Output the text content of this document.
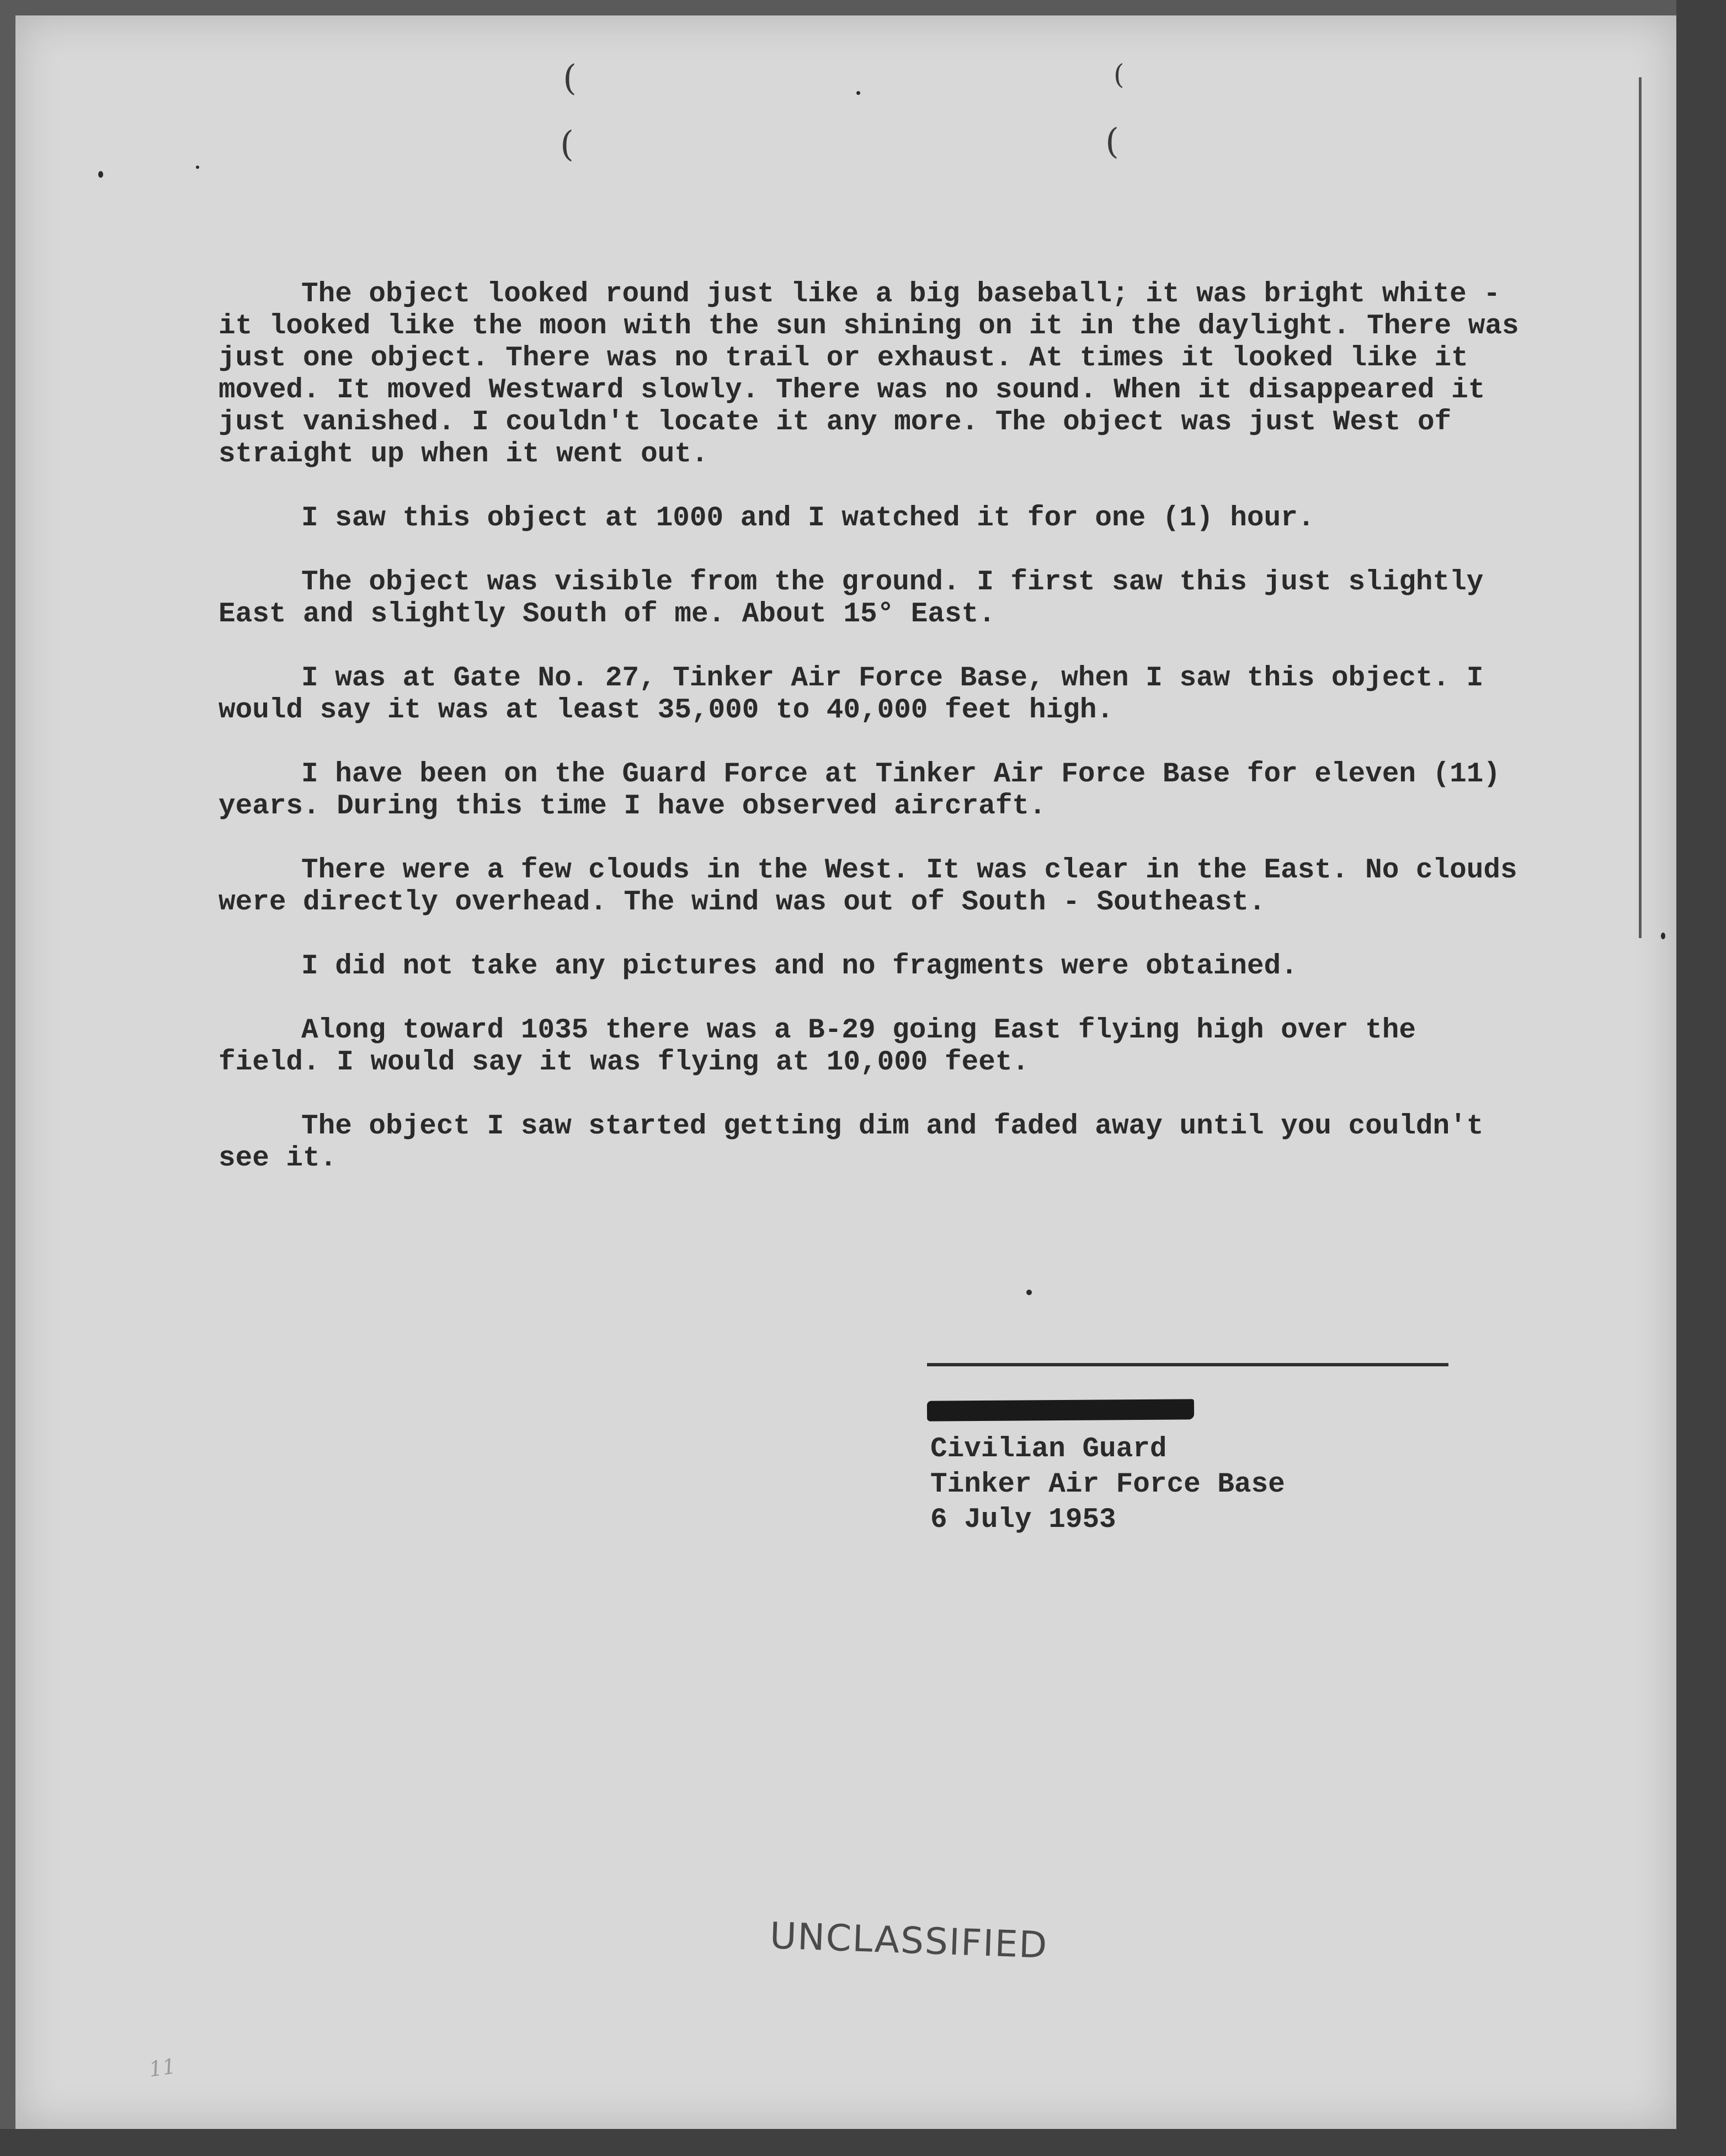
(
(
(
(

The object looked round just like a big baseball; it was bright white - it looked like the moon with the sun shining on it in the daylight. There was just one object. There was no trail or exhaust. At times it looked like it moved. It moved Westward slowly. There was no sound. When it disappeared it just vanished. I couldn't locate it any more. The object was just West of straight up when it went out.

I saw this object at 1000 and I watched it for one (1) hour.

The object was visible from the ground. I first saw this just slightly East and slightly South of me. About 15° East.

I was at Gate No. 27, Tinker Air Force Base, when I saw this object. I would say it was at least 35,000 to 40,000 feet high.

I have been on the Guard Force at Tinker Air Force Base for eleven (11) years. During this time I have observed aircraft.

There were a few clouds in the West. It was clear in the East. No clouds were directly overhead. The wind was out of South - Southeast.

I did not take any pictures and no fragments were obtained.

Along toward 1035 there was a B-29 going East flying high over the field. I would say it was flying at 10,000 feet.

The object I saw started getting dim and faded away until you couldn't see it.

Civilian Guard
Tinker Air Force Base
6 July 1953
UNCLASSIFIED
11
